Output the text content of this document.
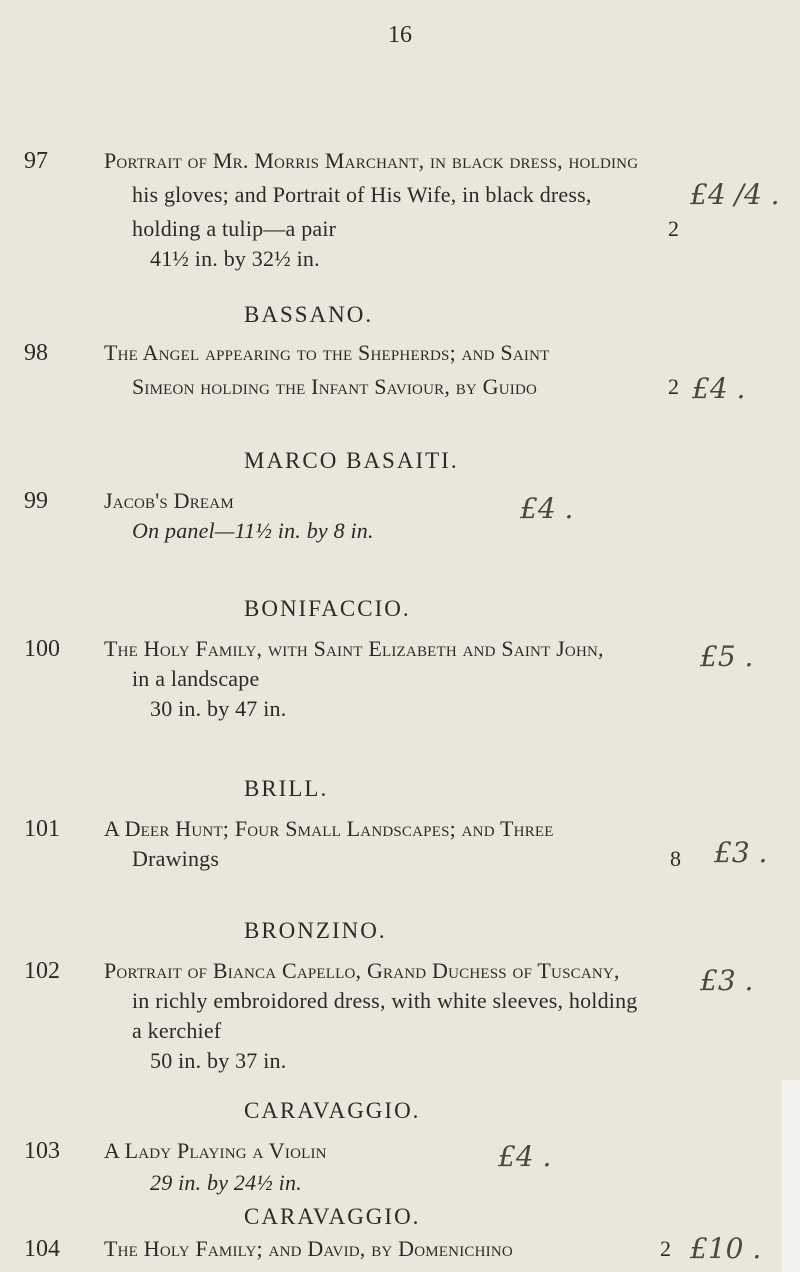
16
97	Portrait of Mr. Morris Marchant, in black dress, holding
his gloves; and Portrait of His Wife, in black dress,
holding a tulip—a pair
41½ in. by 32½ in.
2
£4 /4 .
BASSANO.
98	The Angel appearing to the Shepherds; and Saint
Simeon holding the Infant Saviour, by Guido	2 £4 .
MARCO BASAITI.
99	Jacob's Dream
On panel—11½ in. by 8 in.
£4 .
BONIFACCIO.
100 The Holy Family, with Saint Elizabeth and Saint John,
in a landscape
30 in. by 47 in.
£5 .
BRILL.
101 A Deer Hunt; Four Small Landscapes; and Three
Drawings	8 £3 .
BRONZINO.
102 Portrait of Bianca Capello, Grand Duchess of Tuscany,
in richly embroidored dress, with white sleeves, holding
a kerchief
50 in. by 37 in.
£3 .
CARAVAGGIO.
103 A Lady Playing a Violin
29 in. by 24½ in.
£4 .
CARAVAGGIO.
104 The Holy Family; and David, by Domenichino	2 £10 .
